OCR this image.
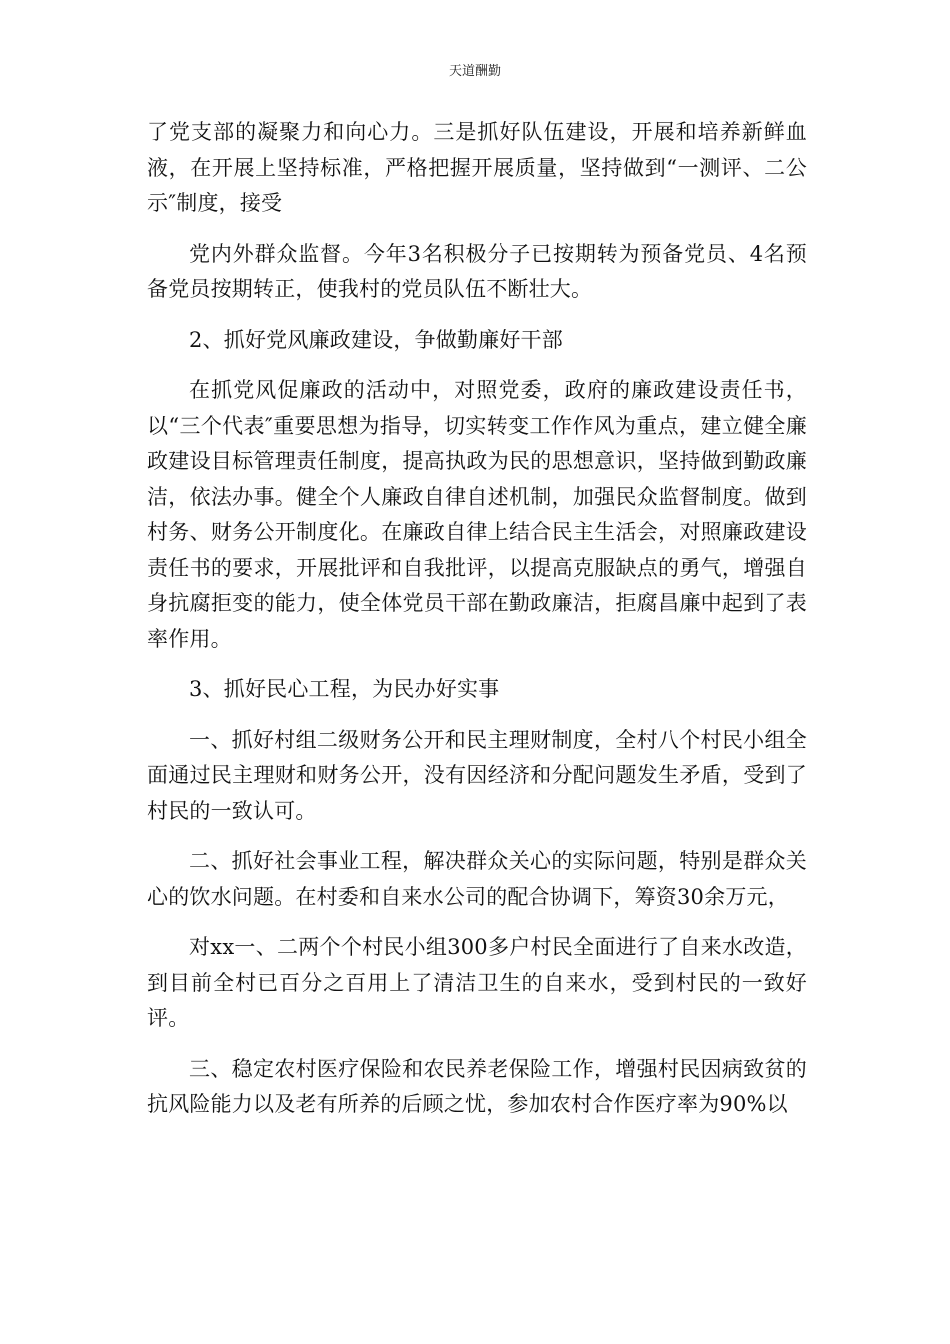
天道酬勤

了党支部的凝聚力和向心力。三是抓好队伍建设，开展和培养新鲜血液，在开展上坚持标准，严格把握开展质量，坚持做到“一测评、二公示″制度，接受

党内外群众监督。今年3名积极分子已按期转为预备党员、4名预备党员按期转正，使我村的党员队伍不断壮大。

2、抓好党风廉政建设，争做勤廉好干部

在抓党风促廉政的活动中，对照党委，政府的廉政建设责任书，以“三个代表″重要思想为指导，切实转变工作作风为重点，建立健全廉政建设目标管理责任制度，提高执政为民的思想意识，坚持做到勤政廉洁，依法办事。健全个人廉政自律自述机制，加强民众监督制度。做到村务、财务公开制度化。在廉政自律上结合民主生活会，对照廉政建设责任书的要求，开展批评和自我批评，以提高克服缺点的勇气，增强自身抗腐拒变的能力，使全体党员干部在勤政廉洁，拒腐昌廉中起到了表率作用。

3、抓好民心工程，为民办好实事

一、抓好村组二级财务公开和民主理财制度，全村八个村民小组全面通过民主理财和财务公开，没有因经济和分配问题发生矛盾，受到了村民的一致认可。

二、抓好社会事业工程，解决群众关心的实际问题，特别是群众关心的饮水问题。在村委和自来水公司的配合协调下，筹资30余万元，

对xx一、二两个个村民小组300多户村民全面进行了自来水改造，到目前全村已百分之百用上了清洁卫生的自来水，受到村民的一致好评。

三、稳定农村医疗保险和农民养老保险工作，增强村民因病致贫的抗风险能力以及老有所养的后顾之忧，参加农村合作医疗率为90%以
